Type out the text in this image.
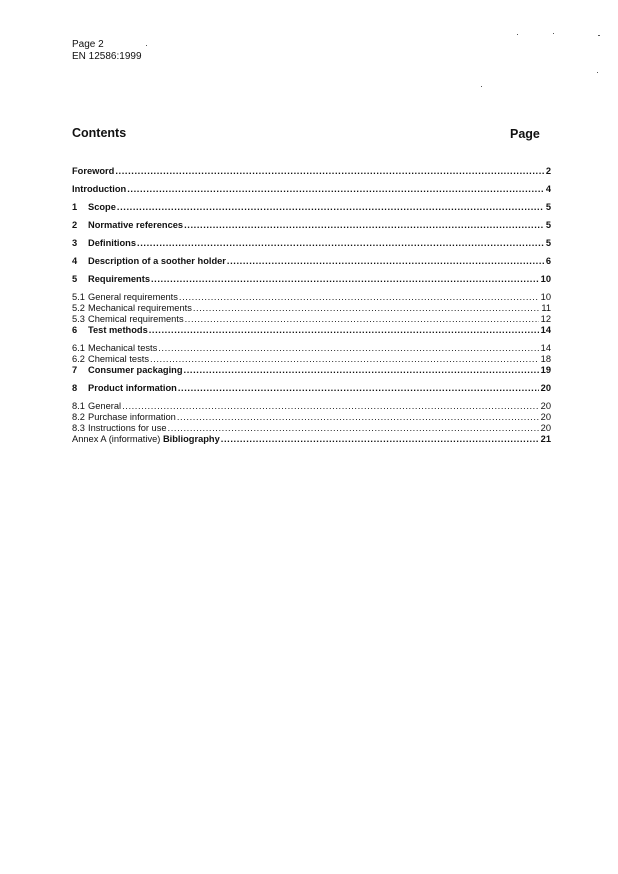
Page 2
EN 12586:1999
Contents	Page
Foreword .....	2
Introduction .....	4
1	Scope .....	5
2	Normative references .....	5
3	Definitions .....	5
4	Description of a soother holder .....	6
5	Requirements .....	10
5.1 General requirements .....	10
5.2 Mechanical requirements .....	11
5.3 Chemical requirements .....	12
6	Test methods .....	14
6.1 Mechanical tests .....	14
6.2 Chemical tests .....	18
7	Consumer packaging .....	19
8	Product information .....	20
8.1 General .....	20
8.2 Purchase information .....	20
8.3 Instructions for use .....	20
Annex A (informative) Bibliography .....	21
